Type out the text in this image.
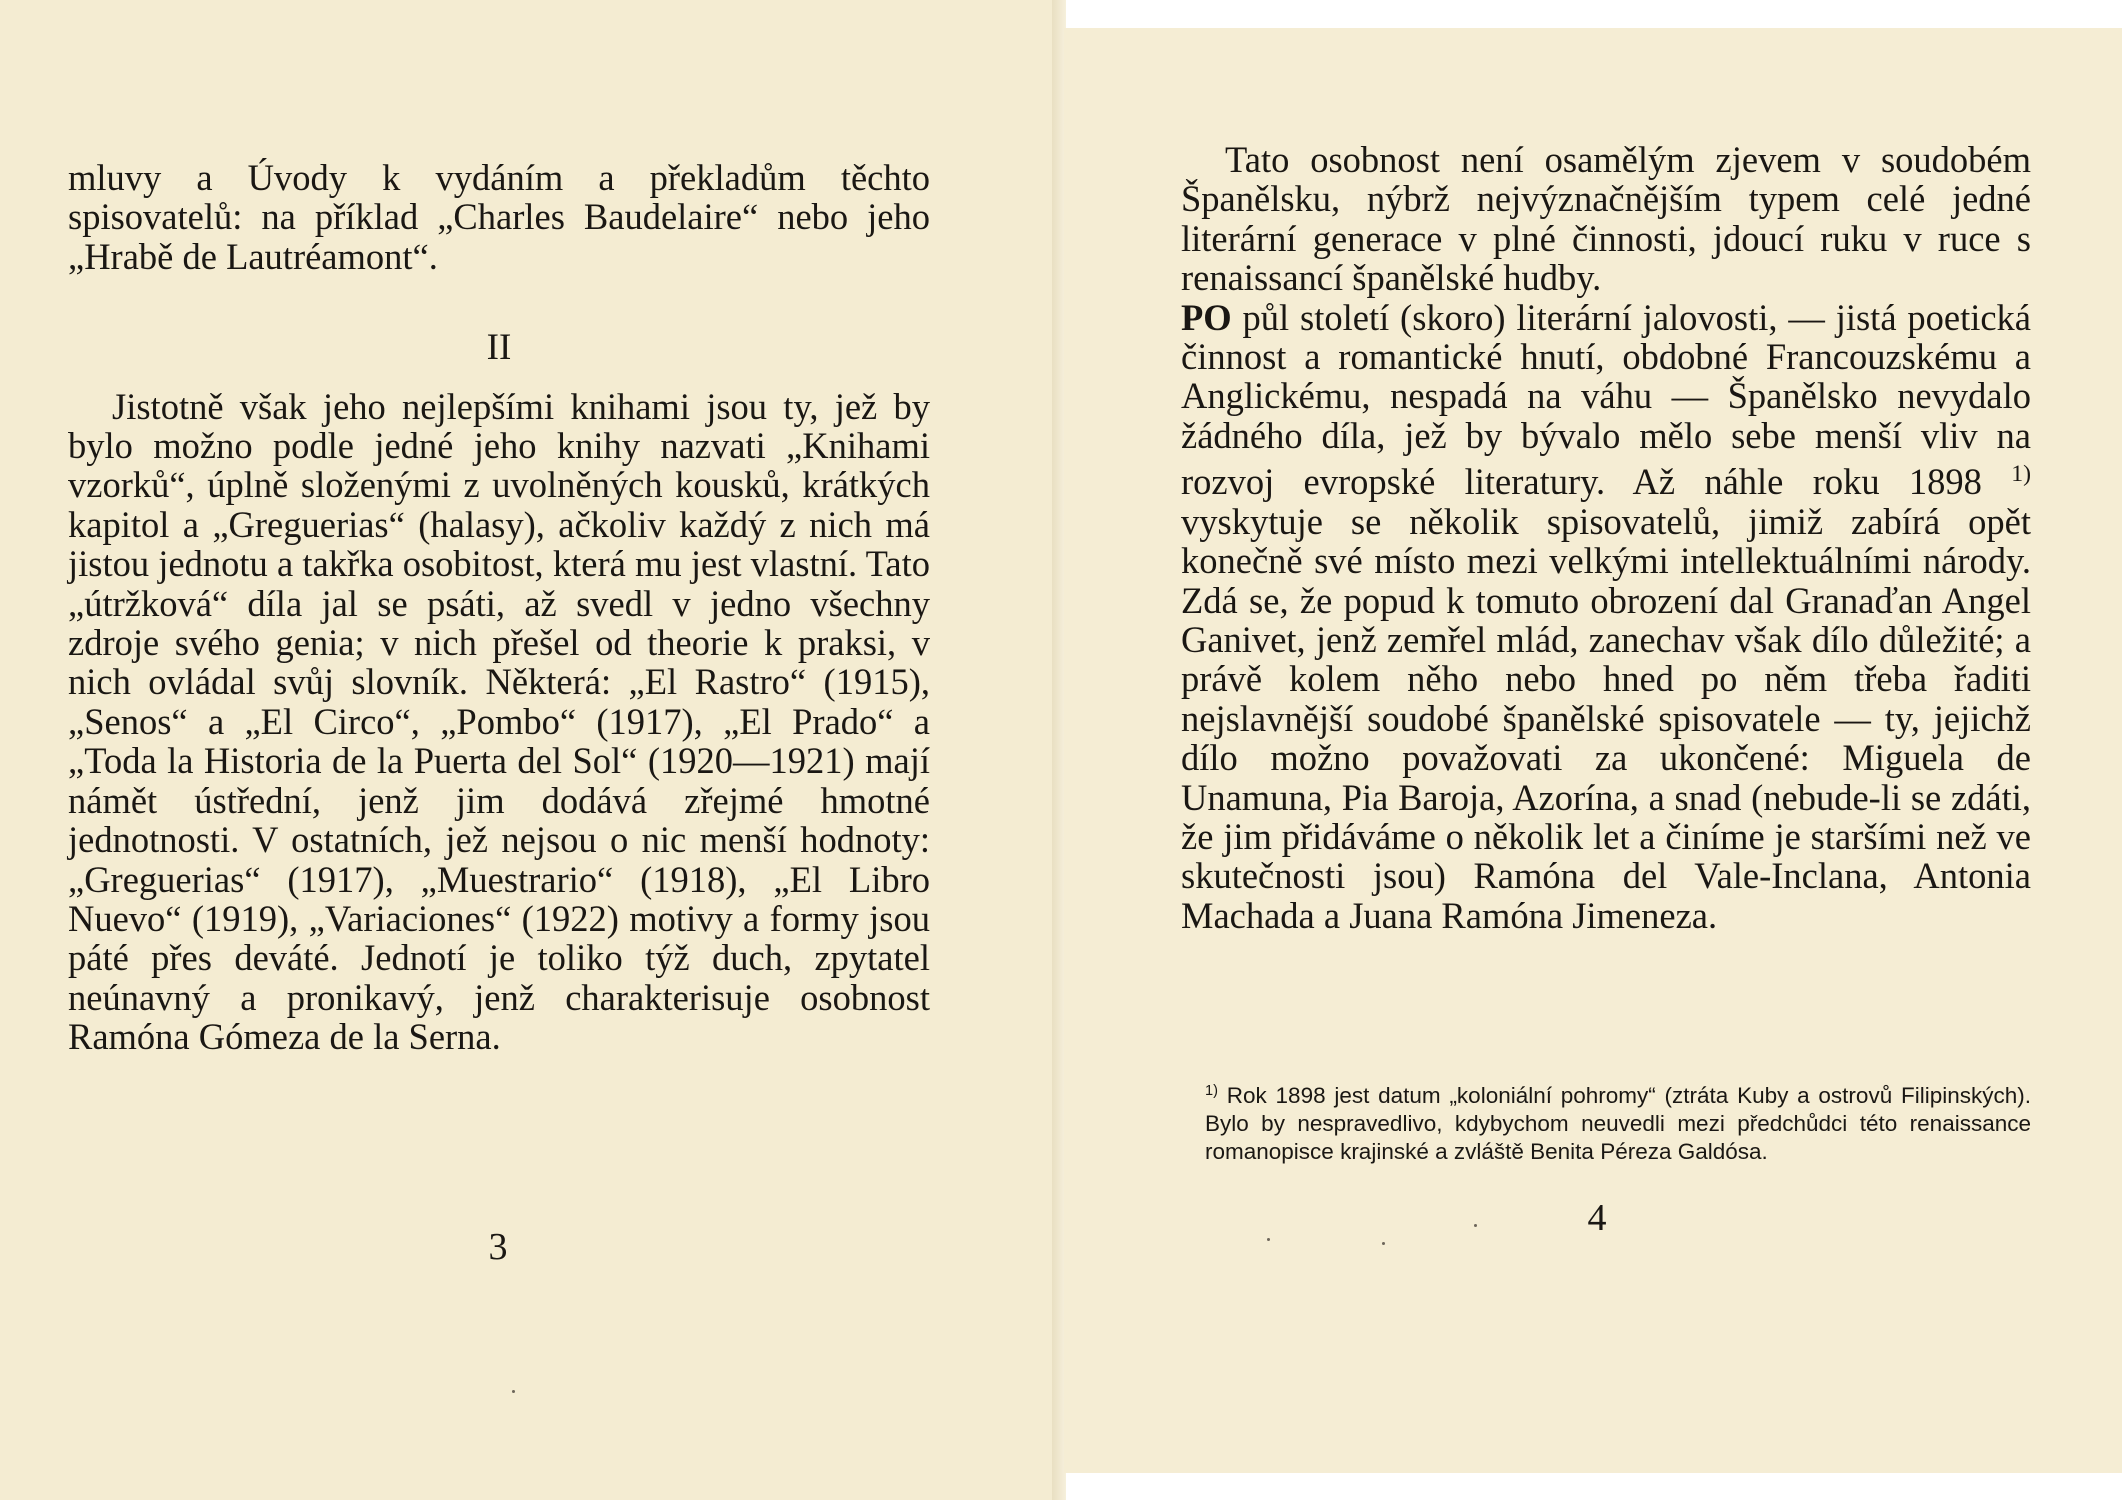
mluvy a Úvody k vydáním a překladům těchto spisovatelů: na příklad „Charles Baudelaire“ nebo jeho „Hrabě de Lautréamont“.

II

Jistotně však jeho nejlepšími knihami jsou ty, jež by bylo možno podle jedné jeho knihy nazvati „Knihami vzorků“, úplně složenými z uvolněných kousků, krátkých kapitol a „Greguerias“ (halasy), ačkoliv každý z nich má jistou jednotu a takřka osobitost, která mu jest vlastní. Tato „útržková“ díla jal se psáti, až svedl v jedno všechny zdroje svého genia; v nich přešel od theorie k praksi, v nich ovládal svůj slovník. Některá: „El Rastro“ (1915), „Senos“ a „El Circo“, „Pombo“ (1917), „El Prado“ a „Toda la Historia de la Puerta del Sol“ (1920—1921) mají námět ústřední, jenž jim dodává zřejmé hmotné jednotnosti. V ostatních, jež nejsou o nic menší hodnoty: „Greguerias“ (1917), „Muestrario“ (1918), „El Libro Nuevo“ (1919), „Variaciones“ (1922) motivy a formy jsou páté přes deváté. Jednotí je toliko týž duch, zpytatel neúnavný a pronikavý, jenž charakterisuje osobnost Ramóna Gómeza de la Serna.

3

Tato osobnost není osamělým zjevem v soudobém Španělsku, nýbrž nejvýznačnějším typem celé jedné literární generace v plné činnosti, jdoucí ruku v ruce s renaissancí španělské hudby.

PO půl století (skoro) literární jalovosti, — jistá poetická činnost a romantické hnutí, obdobné Francouzskému a Anglickému, nespadá na váhu — Španělsko nevydalo žádného díla, jež by bývalo mělo sebe menší vliv na rozvoj evropské literatury. Až náhle roku 1898 $^{1)}$ vyskytuje se několik spisovatelů, jimiž zabírá opět konečně své místo mezi velkými intellektuálními národy. Zdá se, že popud k tomuto obrození dal Granaďan Angel Ganivet, jenž zemřel mlád, zanechav však dílo důležité; a právě kolem něho nebo hned po něm třeba řaditi nejslavnější soudobé španělské spisovatele — ty, jejichž dílo možno považovati za ukončené: Miguela de Unamuna, Pia Baroja, Azorína, a snad (nebude-li se zdáti, že jim přidáváme o několik let a činíme je staršími než ve skutečnosti jsou) Ramóna del Vale-Inclana, Antonia Machada a Juana Ramóna Jimeneza.

$^{1)}$ Rok 1898 jest datum „koloniální pohromy“ (ztráta Kuby a ostrovů Filipinských). Bylo by nespravedlivo, kdybychom neuvedli mezi předchůdci této renaissance romanopisce krajinské a zvláště Benita Péreza Galdósa.
4
